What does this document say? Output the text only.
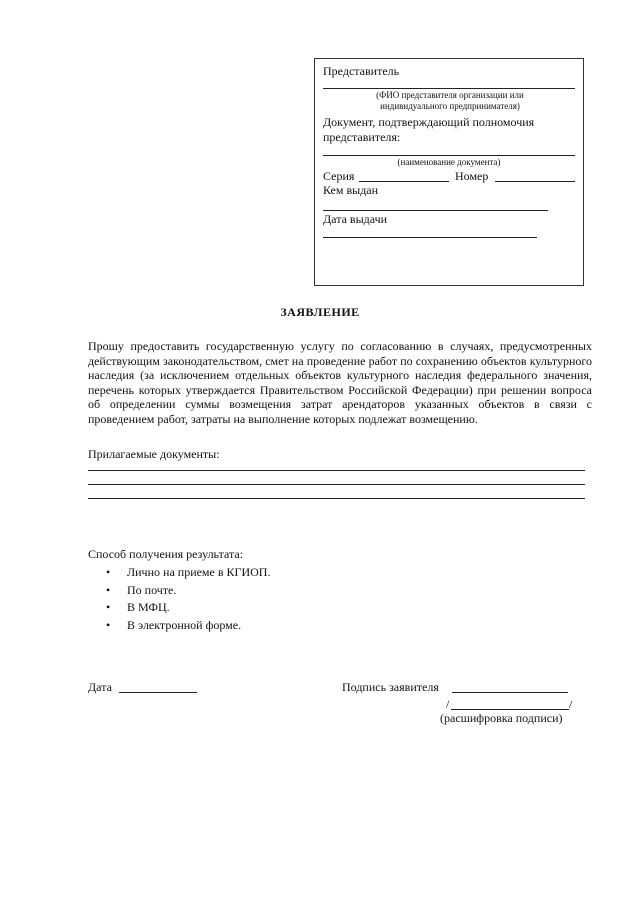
Представитель
(ФИО представителя организации или
индивидуального предпринимателя)
Документ, подтверждающий полномочия
представителя:
(наименование документа)
Серия	Номер
Кем выдан
Дата выдачи
ЗАЯВЛЕНИЕ
Прошу предоставить государственную услугу по согласованию в случаях, предусмотренных действующим законодательством, смет на проведение работ по сохранению объектов культурного наследия (за исключением отдельных объектов культурного наследия федерального значения, перечень которых утверждается Правительством Российской Федерации) при решении вопроса об определении суммы возмещения затрат арендаторов указанных объектов в связи с проведением работ, затраты на выполнение которых подлежат возмещению.
Прилагаемые документы:
Способ получения результата:
• Лично на приеме в КГИОП.
• По почте.
• В МФЦ.
• В электронной форме.
Дата	Подпись заявителя
/	/
(расшифровка подписи)
